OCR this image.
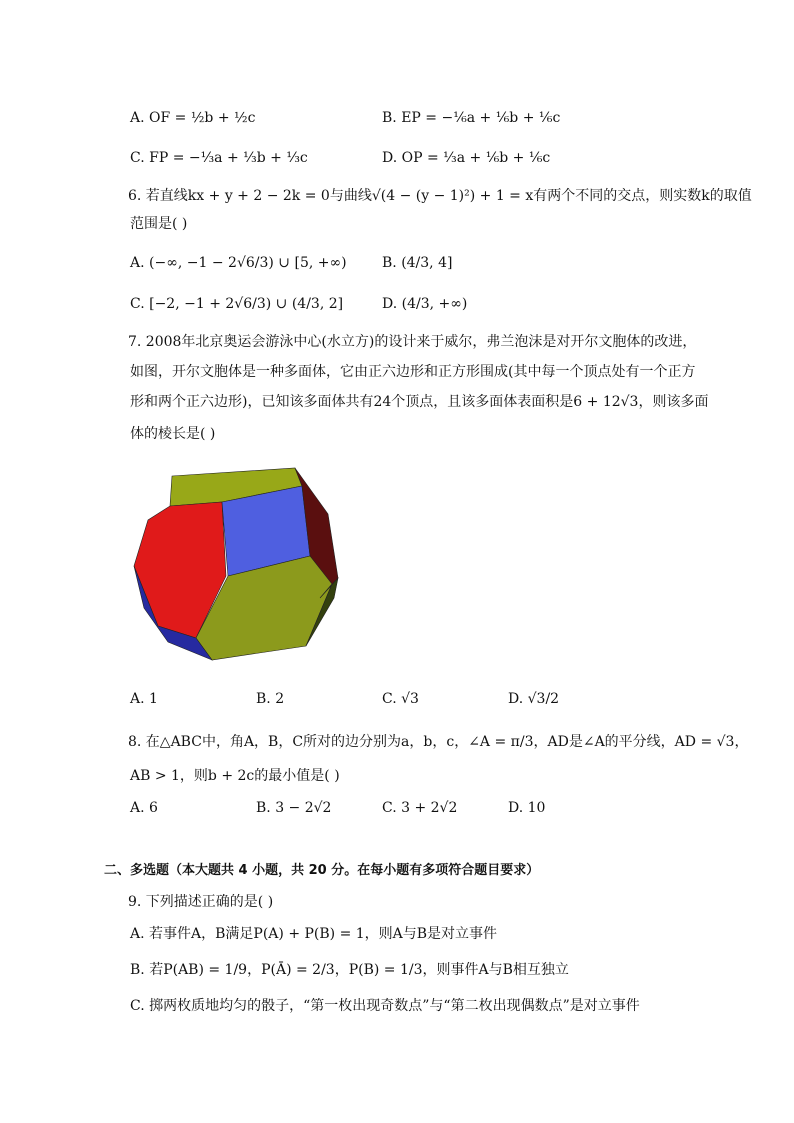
A. OF = ½b + ½c	B. EP = −⅙a + ⅙b + ⅙c
C. FP = −⅓a + ⅓b + ⅓c	D. OP = ⅓a + ⅙b + ⅙c
6. 若直线kx + y + 2 − 2k = 0与曲线√(4 − (y − 1)²) + 1 = x有两个不同的交点，则实数k的取值
范围是( )
A. (−∞, −1 − 2√6/3) ∪ [5, +∞)	B. (4/3, 4]
C. [−2, −1 + 2√6/3) ∪ (4/3, 2]	D. (4/3, +∞)
7. 2008年北京奥运会游泳中心(水立方)的设计来于威尔，弗兰泡沫是对开尔文胞体的改进，
如图，开尔文胞体是一种多面体，它由正六边形和正方形围成(其中每一个顶点处有一个正方
形和两个正六边形)，已知该多面体共有24个顶点，且该多面体表面积是6 + 12√3，则该多面
体的棱长是( )
A. 1	B. 2	C. √3	D. √3/2
8. 在△ABC中，角A，B，C所对的边分别为a，b，c，∠A = π/3，AD是∠A的平分线，AD = √3，
AB > 1，则b + 2c的最小值是( )
A. 6	B. 3 − 2√2	C. 3 + 2√2	D. 10
二、多选题（本大题共 4 小题，共 20 分。在每小题有多项符合题目要求）
9. 下列描述正确的是( )
A. 若事件A，B满足P(A) + P(B) = 1，则A与B是对立事件
B. 若P(AB) = 1/9，P(Ā) = 2/3，P(B) = 1/3，则事件A与B相互独立
C. 掷两枚质地均匀的骰子，“第一枚出现奇数点”与“第二枚出现偶数点”是对立事件
